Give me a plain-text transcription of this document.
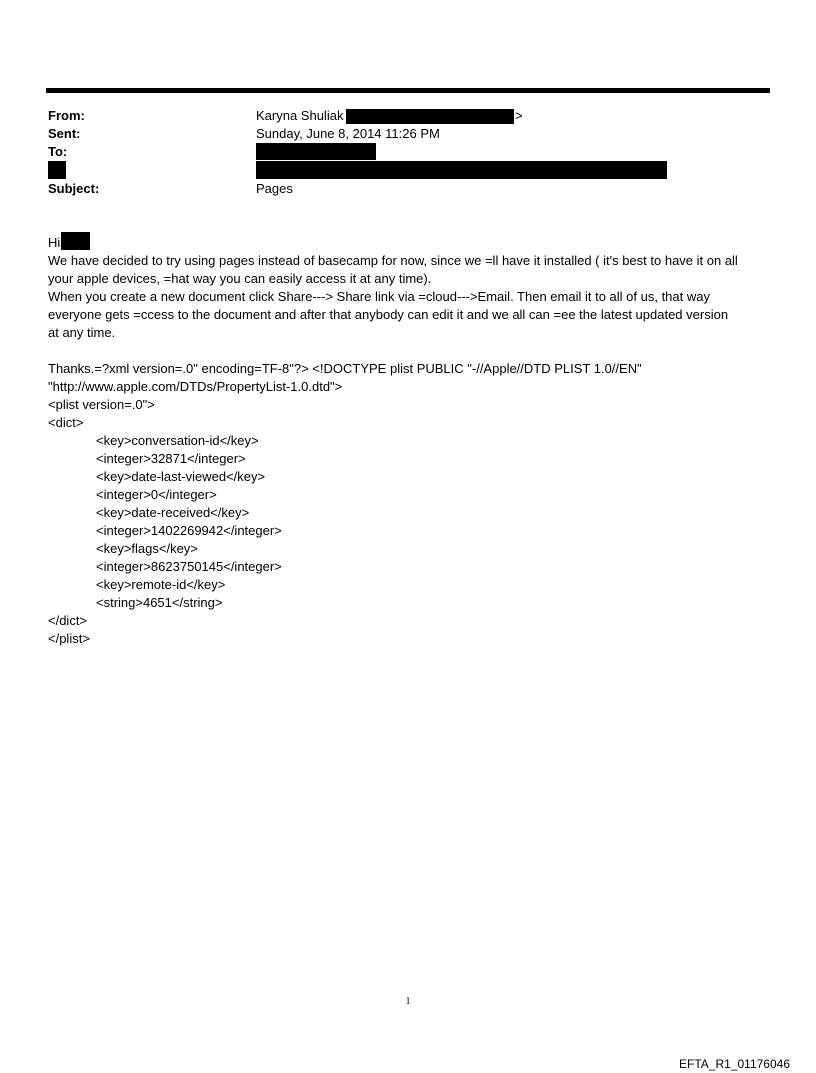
From:	Karyna Shuliak	>
Sent:	Sunday, June 8, 2014 11:26 PM
To:
Subject:	Pages
Hi
We have decided to try using pages instead of basecamp for now, since we =ll have it installed ( it's best to have it on all
your apple devices, =hat way you can easily access it at any time).
When you create a new document click Share---> Share link via =cloud--->Email. Then email it to all of us, that way
everyone gets =ccess to the document and after that anybody can edit it and we all can =ee the latest updated version
at any time.
Thanks.=?xml version=.0" encoding=TF-8"?> <!DOCTYPE plist PUBLIC "-//Apple//DTD PLIST 1.0//EN"
"http://www.apple.com/DTDs/PropertyList-1.0.dtd">
<plist version=.0">
<dict>
<key>conversation-id</key>
<integer>32871</integer>
<key>date-last-viewed</key>
<integer>0</integer>
<key>date-received</key>
<integer>1402269942</integer>
<key>flags</key>
<integer>8623750145</integer>
<key>remote-id</key>
<string>4651</string>
</dict>
</plist>
1
EFTA_R1_01176046
